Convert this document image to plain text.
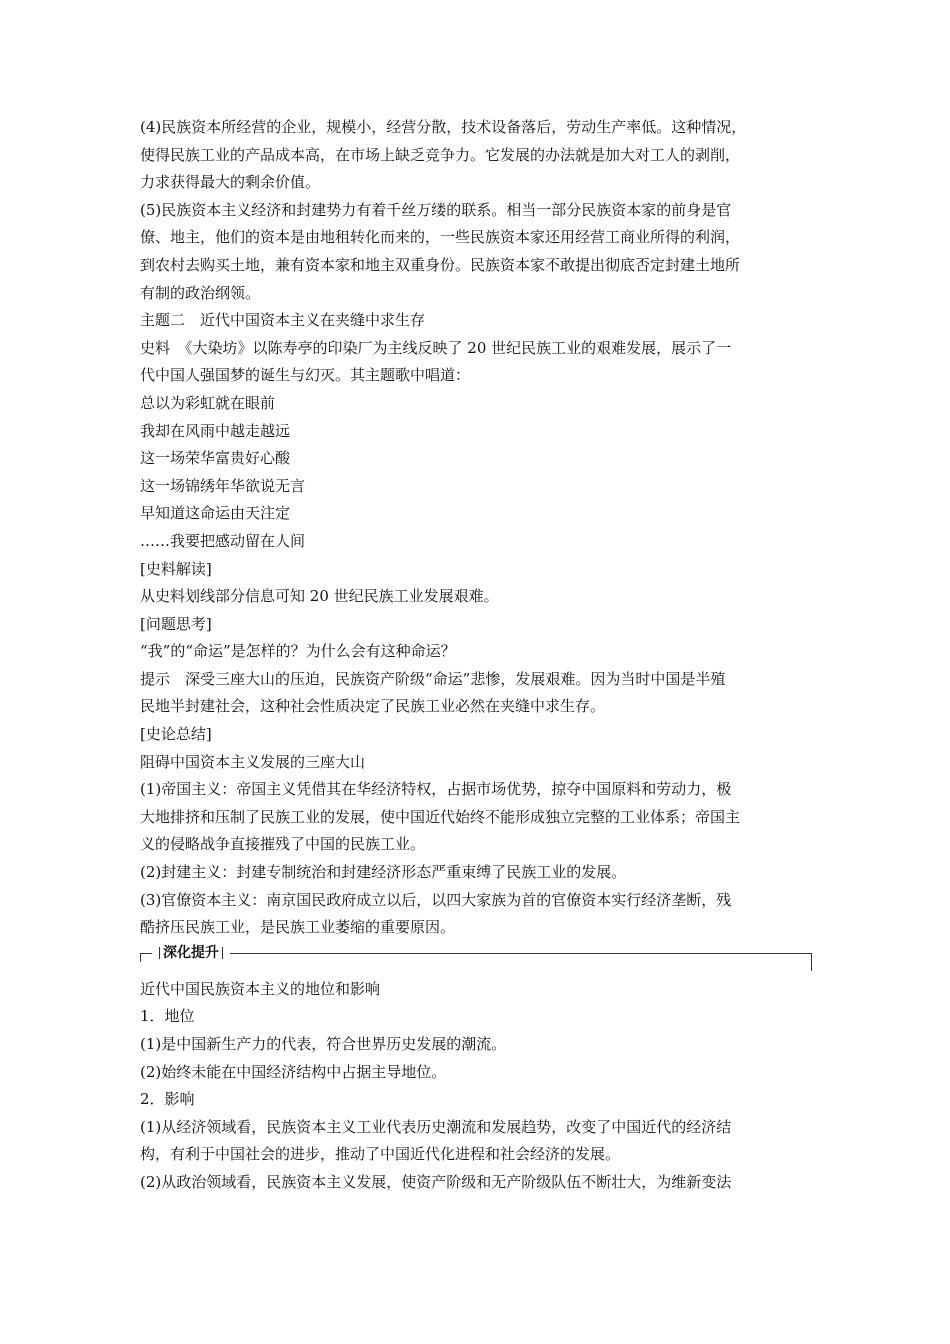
(4)民族资本所经营的企业，规模小，经营分散，技术设备落后，劳动生产率低。这种情况，
使得民族工业的产品成本高，在市场上缺乏竞争力。它发展的办法就是加大对工人的剥削，
力求获得最大的剩余价值。
(5)民族资本主义经济和封建势力有着千丝万缕的联系。相当一部分民族资本家的前身是官
僚、地主，他们的资本是由地租转化而来的，一些民族资本家还用经营工商业所得的利润，
到农村去购买土地，兼有资本家和地主双重身份。民族资本家不敢提出彻底否定封建土地所
有制的政治纲领。
主题二　近代中国资本主义在夹缝中求生存
史料　《大染坊》以陈寿亭的印染厂为主线反映了 20 世纪民族工业的艰难发展，展示了一
代中国人强国梦的诞生与幻灭。其主题歌中唱道：
总以为彩虹就在眼前
我却在风雨中越走越远
这一场荣华富贵好心酸
这一场锦绣年华欲说无言
早知道这命运由天注定
……我要把感动留在人间
[史料解读]
从史料划线部分信息可知 20 世纪民族工业发展艰难。
[问题思考]
“我”的“命运”是怎样的？为什么会有这种命运？
提示　深受三座大山的压迫，民族资产阶级“命运”悲惨，发展艰难。因为当时中国是半殖
民地半封建社会，这种社会性质决定了民族工业必然在夹缝中求生存。
[史论总结]
阻碍中国资本主义发展的三座大山
(1)帝国主义：帝国主义凭借其在华经济特权，占据市场优势，掠夺中国原料和劳动力，极
大地排挤和压制了民族工业的发展，使中国近代始终不能形成独立完整的工业体系；帝国主
义的侵略战争直接摧残了中国的民族工业。
(2)封建主义：封建专制统治和封建经济形态严重束缚了民族工业的发展。
(3)官僚资本主义：南京国民政府成立以后，以四大家族为首的官僚资本实行经济垄断，残
酷挤压民族工业，是民族工业萎缩的重要原因。
深化提升
近代中国民族资本主义的地位和影响
1．地位
(1)是中国新生产力的代表，符合世界历史发展的潮流。
(2)始终未能在中国经济结构中占据主导地位。
2．影响
(1)从经济领域看，民族资本主义工业代表历史潮流和发展趋势，改变了中国近代的经济结
构，有利于中国社会的进步，推动了中国近代化进程和社会经济的发展。
(2)从政治领域看，民族资本主义发展，使资产阶级和无产阶级队伍不断壮大，为维新变法
